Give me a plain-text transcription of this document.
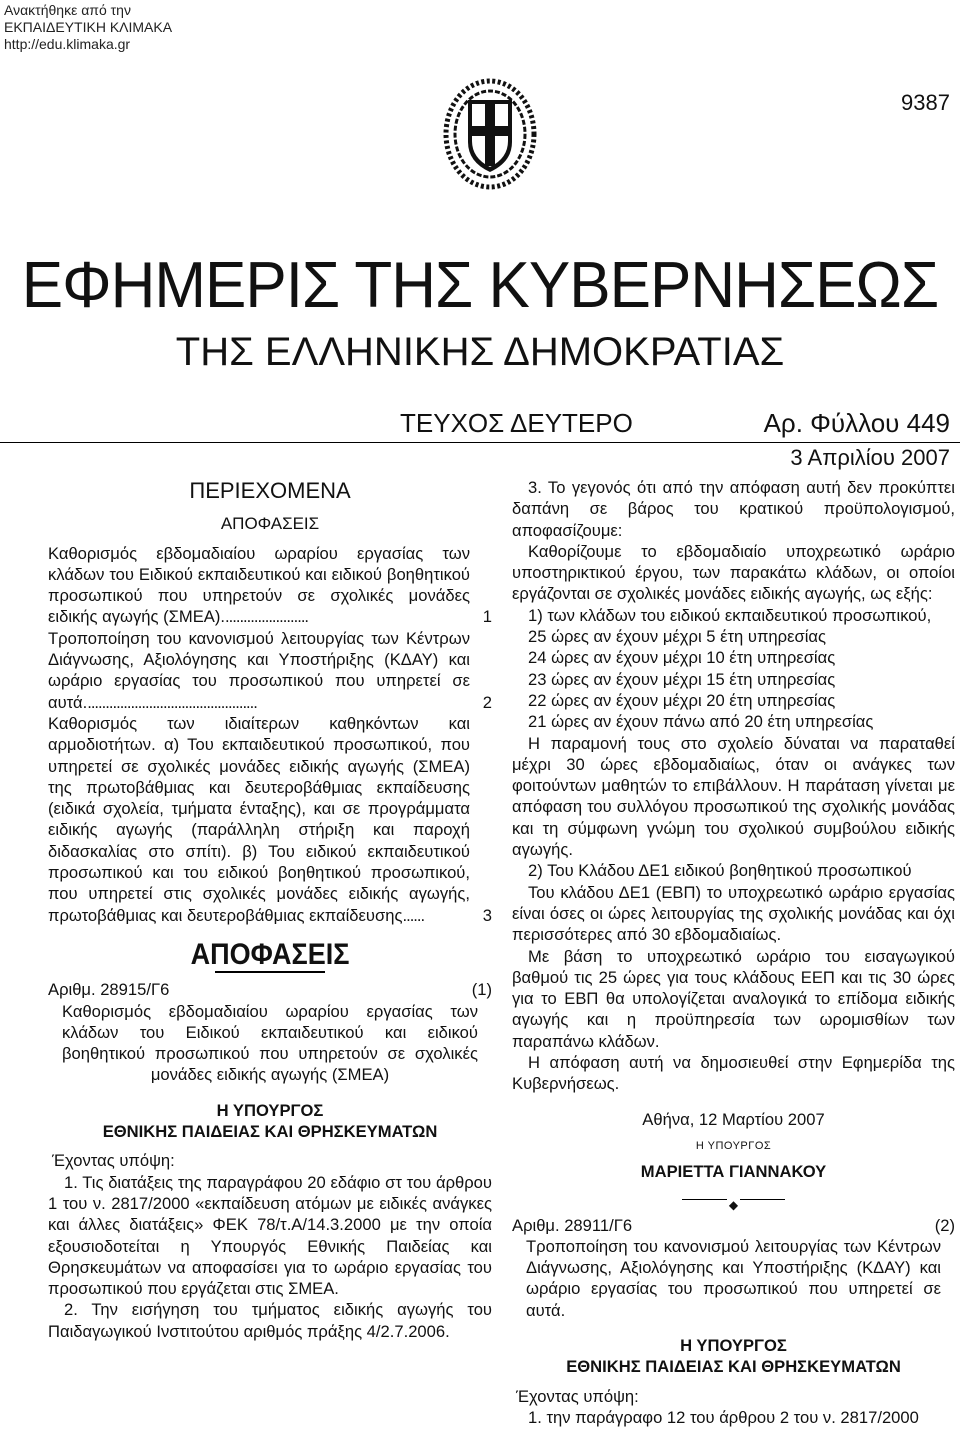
Ανακτήθηκε από την
ΕΚΠΑΙΔΕΥΤΙΚΗ ΚΛΙΜΑΚΑ
http://edu.klimaka.gr
9387
ΕΦΗΜΕΡΙΣ ΤΗΣ ΚΥΒΕΡΝΗΣΕΩΣ
ΤΗΣ ΕΛΛΗΝΙΚΗΣ ΔΗΜΟΚΡΑΤΙΑΣ
ΤΕΥΧΟΣ ΔΕΥΤΕΡΟ	Αρ. Φύλλου 449
3 Απριλίου 2007
ΠΕΡΙΕΧΟΜΕΝΑ
ΑΠΟΦΑΣΕΙΣ
Καθορισμός εβδομαδιαίου ωραρίου εργασίας των κλάδων του Ειδικού εκπαιδευτικού και ειδικού βοηθητικού προσωπικού που υπηρετούν σε σχολικές μονάδες ειδικής αγωγής (ΣΜΕΑ)........................	1
Τροποποίηση του κανονισμού λειτουργίας των Κέντρων Διάγνωσης, Αξιολόγησης και Υποστήριξης (ΚΔΑΥ) και ωράριο εργασίας του προσωπικού που υπηρετεί σε αυτά................................................	2
Καθορισμός των ιδιαίτερων καθηκόντων και αρμοδιοτήτων. α) Του εκπαιδευτικού προσωπικού, που υπηρετεί σε σχολικές μονάδες ειδικής αγωγής (ΣΜΕΑ) της πρωτοβάθμιας και δευτεροβάθμιας εκπαίδευσης (ειδικά σχολεία, τμήματα ένταξης), και σε προγράμματα ειδικής αγωγής (παράλληλη στήριξη και παροχή διδασκαλίας στο σπίτι). β) Του ειδικού εκπαιδευτικού προσωπικού και του ειδικού βοηθητικού προσωπικού, που υπηρετεί στις σχολικές μονάδες ειδικής αγωγής, πρωτοβάθμιας και δευτεροβάθμιας εκπαίδευσης......	3
ΑΠΟΦΑΣΕΙΣ
Αριθμ. 28915/Γ6	(1)
Καθορισμός εβδομαδιαίου ωραρίου εργασίας των κλάδων του Ειδικού εκπαιδευτικού και ειδικού βοηθητικού προσωπικού που υπηρετούν σε σχολικές μονάδες ειδικής αγωγής (ΣΜΕΑ)
Η ΥΠΟΥΡΓΟΣ
ΕΘΝΙΚΗΣ ΠΑΙΔΕΙΑΣ ΚΑΙ ΘΡΗΣΚΕΥΜΑΤΩΝ
Έχοντας υπόψη:
1. Τις διατάξεις της παραγράφου 20 εδάφιο στ του άρθρου 1 του ν. 2817/2000 «εκπαίδευση ατόμων με ειδικές ανάγκες και άλλες διατάξεις» ΦΕΚ 78/τ.Α/14.3.2000 με την οποία εξουσιοδοτείται η Υπουργός Εθνικής Παιδείας και Θρησκευμάτων να αποφασίσει για το ωράριο εργασίας του προσωπικού που εργάζεται στις ΣΜΕΑ.
2. Την εισήγηση του τμήματος ειδικής αγωγής του Παιδαγωγικού Ινστιτούτου αριθμός πράξης 4/2.7.2006.
3. Το γεγονός ότι από την απόφαση αυτή δεν προκύπτει δαπάνη σε βάρος του κρατικού προϋπολογισμού, αποφασίζουμε:
Καθορίζουμε το εβδομαδιαίο υποχρεωτικό ωράριο υποστηρικτικού έργου, των παρακάτω κλάδων, οι οποίοι εργάζονται σε σχολικές μονάδες ειδικής αγωγής, ως εξής:
1) των κλάδων του ειδικού εκπαιδευτικού προσωπικού,
25 ώρες αν έχουν μέχρι 5 έτη υπηρεσίας
24 ώρες αν έχουν μέχρι 10 έτη υπηρεσίας
23 ώρες αν έχουν μέχρι 15 έτη υπηρεσίας
22 ώρες αν έχουν μέχρι 20 έτη υπηρεσίας
21 ώρες αν έχουν πάνω από 20 έτη υπηρεσίας
Η παραμονή τους στο σχολείο δύναται να παραταθεί μέχρι 30 ώρες εβδομαδιαίως, όταν οι ανάγκες των φοιτούντων μαθητών το επιβάλλουν. Η παράταση γίνεται με απόφαση του συλλόγου προσωπικού της σχολικής μονάδας και τη σύμφωνη γνώμη του σχολικού συμβούλου ειδικής αγωγής.
2) Του Κλάδου ΔΕ1 ειδικού βοηθητικού προσωπικού
Του κλάδου ΔΕ1 (ΕΒΠ) το υποχρεωτικό ωράριο εργασίας είναι όσες οι ώρες λειτουργίας της σχολικής μονάδας και όχι περισσότερες από 30 εβδομαδιαίως.
Με βάση το υποχρεωτικό ωράριο του εισαγωγικού βαθμού τις 25 ώρες για τους κλάδους ΕΕΠ και τις 30 ώρες για το ΕΒΠ θα υπολογίζεται αναλογικά το επίδομα ειδικής αγωγής και η προϋπηρεσία των ωρομισθίων των παραπάνω κλάδων.
Η απόφαση αυτή να δημοσιευθεί στην Εφημερίδα της Κυβερνήσεως.
Αθήνα, 12 Μαρτίου 2007
Η ΥΠΟΥΡΓΟΣ
ΜΑΡΙΕΤΤΑ ΓΙΑΝΝΑΚΟΥ
◆
Αριθμ. 28911/Γ6	(2)
Τροποποίηση του κανονισμού λειτουργίας των Κέντρων Διάγνωσης, Αξιολόγησης και Υποστήριξης (ΚΔΑΥ) και ωράριο εργασίας του προσωπικού που υπηρετεί σε αυτά.
Η ΥΠΟΥΡΓΟΣ
ΕΘΝΙΚΗΣ ΠΑΙΔΕΙΑΣ ΚΑΙ ΘΡΗΣΚΕΥΜΑΤΩΝ
Έχοντας υπόψη:
1. την παράγραφο 12 του άρθρου 2 του ν. 2817/2000
